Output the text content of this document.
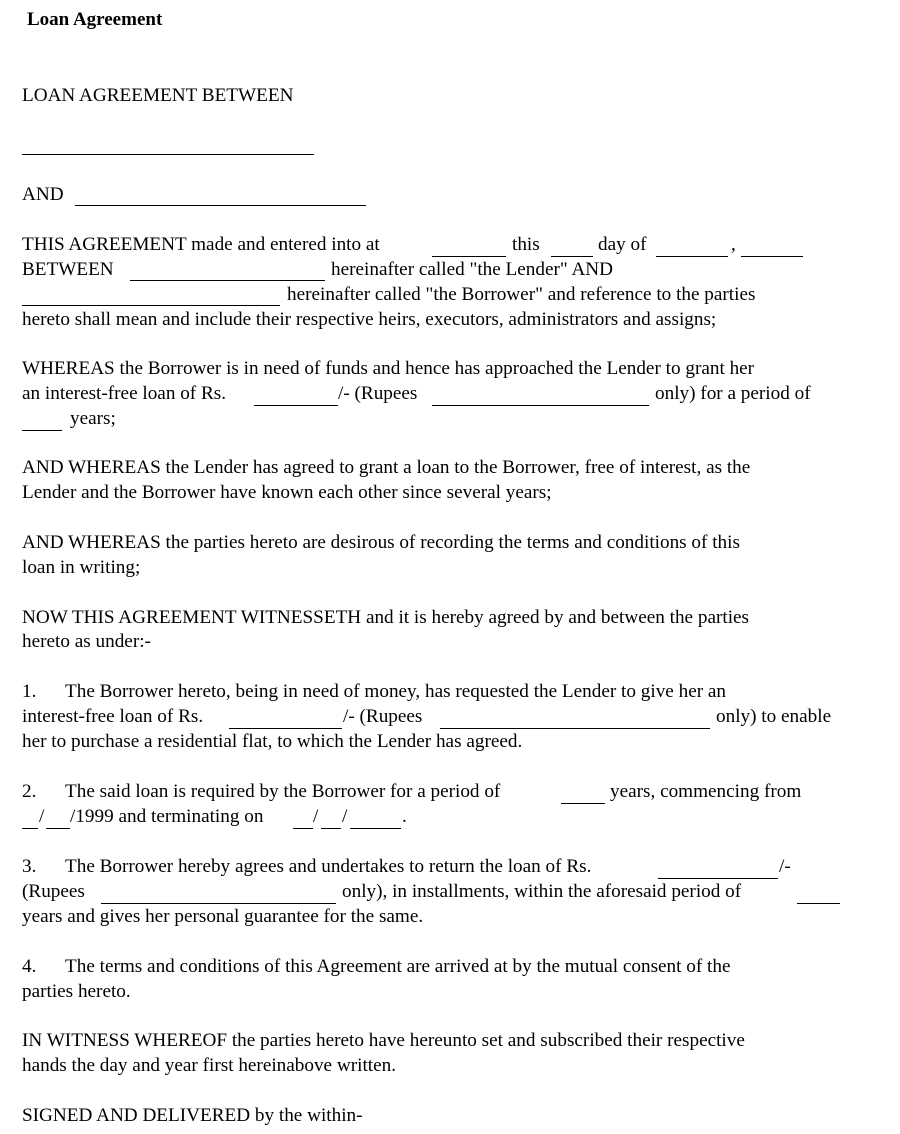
Loan Agreement
LOAN AGREEMENT BETWEEN
AND
THIS AGREEMENT made and entered into at	this	day of	,
BETWEEN	hereinafter called "the Lender" AND
hereinafter called "the Borrower" and reference to the parties
hereto shall mean and include their respective heirs, executors, administrators and assigns;
WHEREAS the Borrower is in need of funds and hence has approached the Lender to grant her
an interest-free loan of Rs.	/- (Rupees	only) for a period of
years;
AND WHEREAS the Lender has agreed to grant a loan to the Borrower, free of interest, as the
Lender and the Borrower have known each other since several years;
AND WHEREAS the parties hereto are desirous of recording the terms and conditions of this
loan in writing;
NOW THIS AGREEMENT WITNESSETH and it is hereby agreed by and between the parties
hereto as under:-
1. The Borrower hereto, being in need of money, has requested the Lender to give her an
interest-free loan of Rs.	/- (Rupees	only) to enable
her to purchase a residential flat, to which the Lender has agreed.
2. The said loan is required by the Borrower for a period of	years, commencing from
/ /1999 and terminating on	/ /	.
3. The Borrower hereby agrees and undertakes to return the loan of Rs.	/-
(Rupees	only), in installments, within the aforesaid period of
years and gives her personal guarantee for the same.
4. The terms and conditions of this Agreement are arrived at by the mutual consent of the
parties hereto.
IN WITNESS WHEREOF the parties hereto have hereunto set and subscribed their respective
hands the day and year first hereinabove written.
SIGNED AND DELIVERED by the within-
